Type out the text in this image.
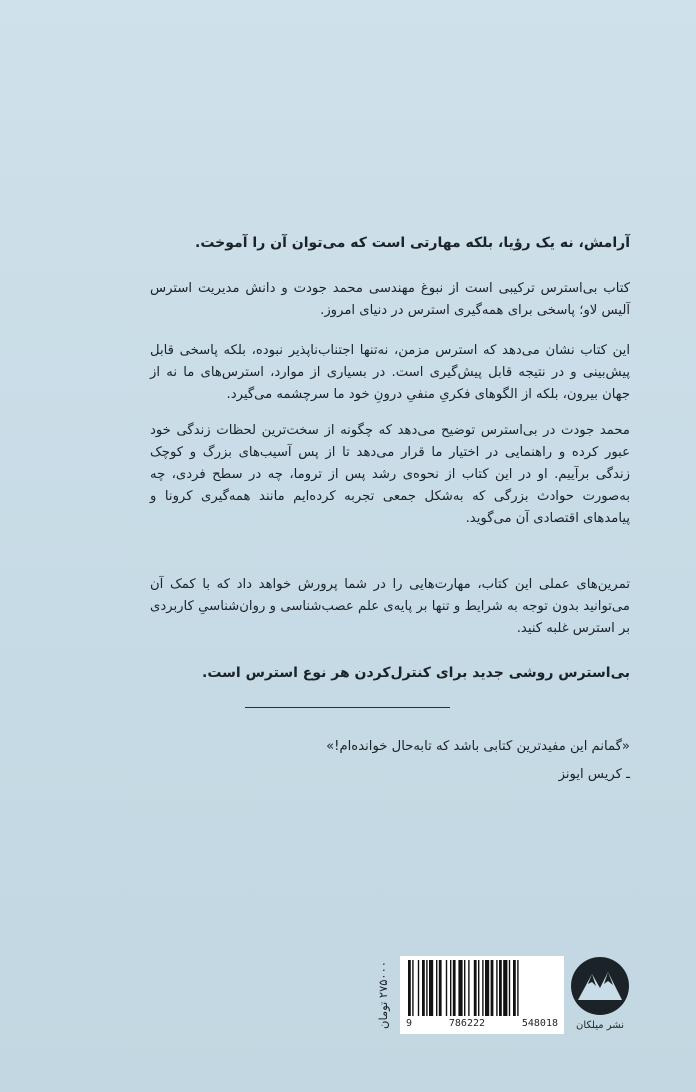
آرامش، نه یک رؤیا، بلکه مهارتی است که می‌توان آن را آموخت.
کتاب بی‌استرس ترکیبی است از نبوغ مهندسی محمد جودت و دانش مدیریت استرس آلیس لاو؛ پاسخی برای همه‌گیری استرس در دنیای امروز.
این کتاب نشان می‌دهد که استرس مزمن، نه‌تنها اجتناب‌ناپذیر نبوده، بلکه پاسخی قابل پیش‌بینی و در نتیجه قابل پیش‌گیری است. در بسیاری از موارد، استرس‌های ما نه از جهان بیرون، بلکه از الگوهای فکریِ منفیِ درونِ خود ما سرچشمه می‌گیرد.
محمد جودت در بی‌استرس توضیح می‌دهد که چگونه از سخت‌ترین لحظات زندگی خود عبور کرده و راهنمایی در اختیار ما قرار می‌دهد تا از پس آسیب‌های بزرگ و کوچک زندگی برآییم. او در این کتاب از نحوه‌ی رشد پس از تروما، چه در سطح فردی، چه به‌صورت حوادث بزرگی که به‌شکل جمعی تجربه کرده‌ایم مانند همه‌گیری کرونا و پیامدهای اقتصادی آن می‌گوید.
تمرین‌های عملی این کتاب، مهارت‌هایی را در شما پرورش خواهد داد که با کمک آن می‌توانید بدون توجه به شرایط و تنها بر پایه‌ی علم عصب‌شناسی و روان‌شناسیِ کاربردی بر استرس غلبه کنید.
بی‌استرس روشی جدید برای کنترل‌کردن هر نوع استرس است.
«گمانم این مفیدترین کتابی باشد که تابه‌حال خوانده‌ام!»
ـ کریس ایونز
۲۷۵۰۰۰ تومان
9	786222	548018	نشر میلکان
